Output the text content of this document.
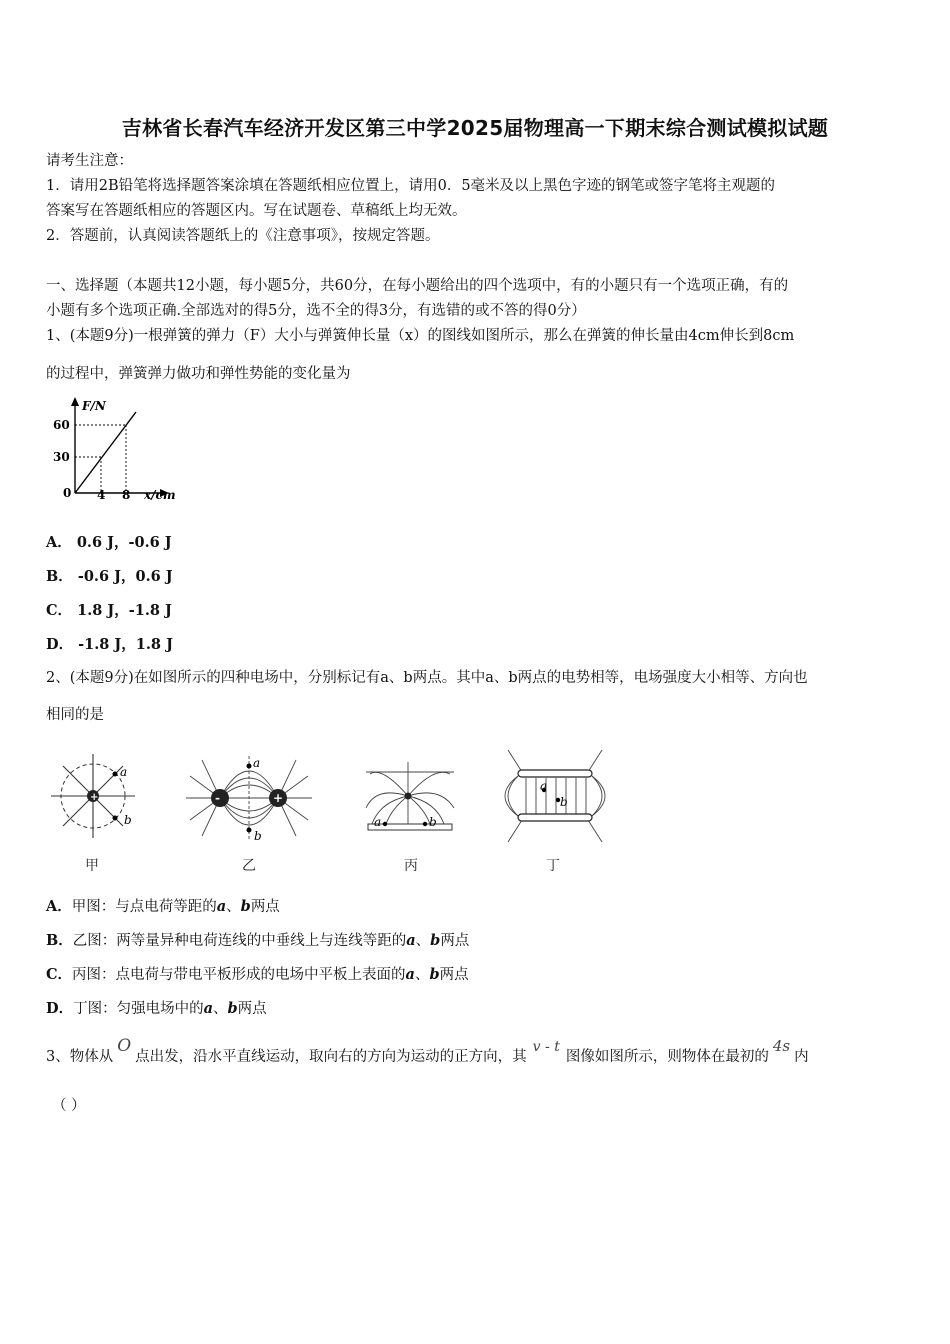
吉林省长春汽车经济开发区第三中学2025届物理高一下期末综合测试模拟试题
请考生注意：
1．请用2B铅笔将选择题答案涂填在答题纸相应位置上，请用0．5毫米及以上黑色字迹的钢笔或签字笔将主观题的
答案写在答题纸相应的答题区内。写在试题卷、草稿纸上均无效。
2．答题前，认真阅读答题纸上的《注意事项》，按规定答题。
一、选择题（本题共12小题，每小题5分，共60分，在每小题给出的四个选项中，有的小题只有一个选项正确，有的
小题有多个选项正确.全部选对的得5分，选不全的得3分，有选错的或不答的得0分）
1、(本题9分)一根弹簧的弹力（F）大小与弹簧伸长量（x）的图线如图所示，那么在弹簧的伸长量由4cm伸长到8cm
的过程中，弹簧弹力做功和弹性势能的变化量为
F/N
x/cm
0
30
60
4 8
A． 0.6 J，-0.6 J
B． -0.6 J，0.6 J
C． 1.8 J，-1.8 J
D． -1.8 J，1.8 J
2、(本题9分)在如图所示的四种电场中，分别标记有a、b两点。其中a、b两点的电势相等，电场强度大小相等、方向也
相同的是
+
a
b
甲
-	+
a
b
乙
a	b
丙
a
b
丁
A．甲图：与点电荷等距的a、b两点
B．乙图：两等量异种电荷连线的中垂线上与连线等距的a、b两点
C．丙图：点电荷与带电平板形成的电场中平板上表面的a、b两点
D．丁图：匀强电场中的a、b两点
3、物体从O点出发，沿水平直线运动，取向右的方向为运动的正方向，其v - t图像如图所示，则物体在最初的4s内
（ ）
